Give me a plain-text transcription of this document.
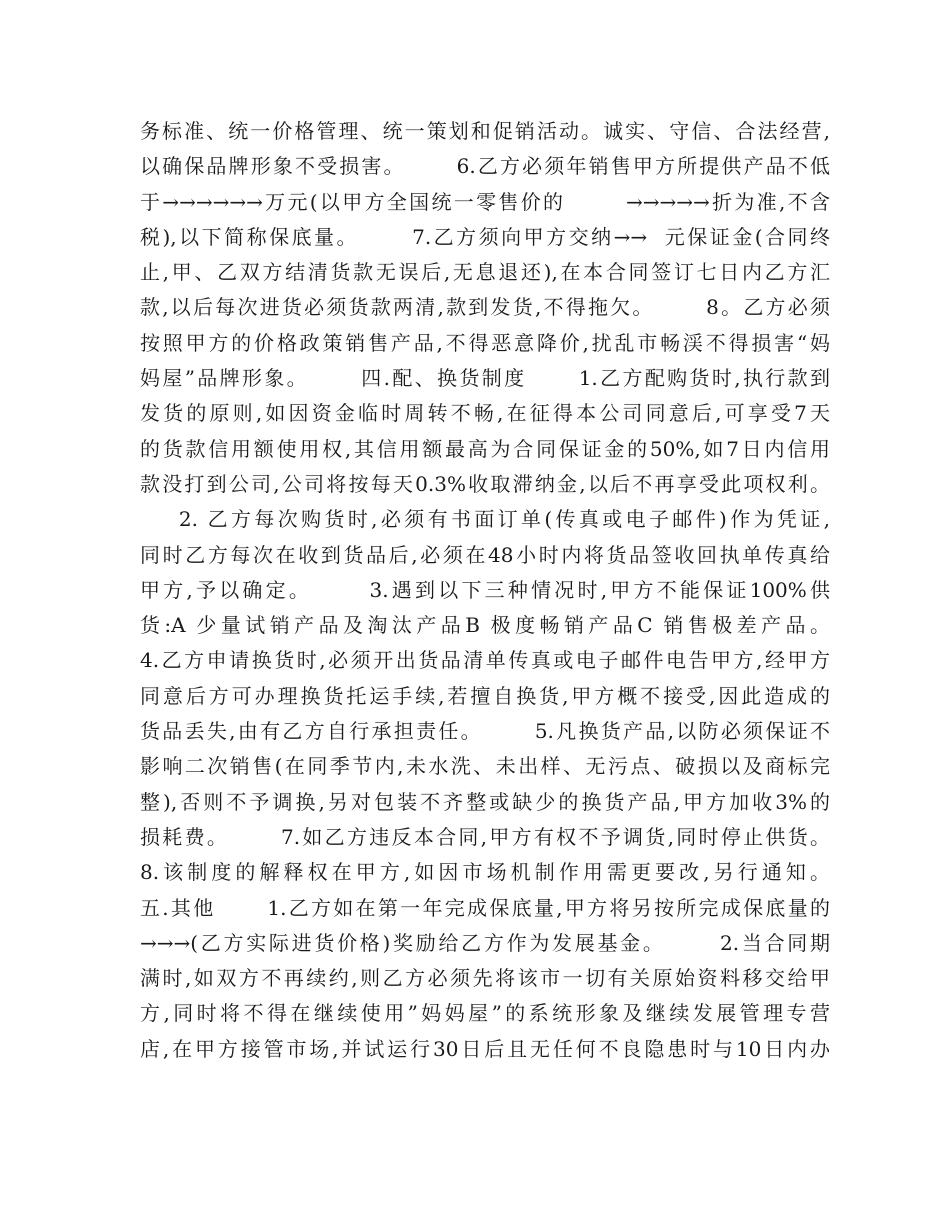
务标准、统一价格管理、统一策划和促销活动。诚实、守信、合法经营,
以确保品牌形象不受损害。      6.乙方必须年销售甲方所提供产品不低
于→→→→→→万元(以甲方全国统一零售价的       →→→→→折为准,不含
税),以下简称保底量。      7.乙方须向甲方交纳→→  元保证金(合同终
止,甲、乙双方结清货款无误后,无息退还),在本合同签订七日内乙方汇
款,以后每次进货必须货款两清,款到发货,不得拖欠。      8。乙方必须
按照甲方的价格政策销售产品,不得恶意降价,扰乱市畅渓不得损害“妈
妈屋”品牌形象。      四.配、换货制度      1.乙方配购货时,执行款到
发货的原则,如因资金临时周转不畅,在征得本公司同意后,可享受7天
的货款信用额使用权,其信用额最高为合同保证金的50%,如7日内信用
款没打到公司,公司将按每天0.3%收取滞纳金,以后不再享受此项权利。
2. 乙方每次购货时,必须有书面订单(传真或电子邮件)作为凭证,
同时乙方每次在收到货品后,必须在48小时内将货品签收回执单传真给
甲方,予以确定。      3.遇到以下三种情况时,甲方不能保证100%供
货:A 少量试销产品及淘汰产品B 极度畅销产品C 销售极差产品。
4.乙方申请换货时,必须开出货品清单传真或电子邮件电告甲方,经甲方
同意后方可办理换货托运手续,若擅自换货,甲方概不接受,因此造成的
货品丢失,由有乙方自行承担责任。      5.凡换货产品,以防必须保证不
影响二次销售(在同季节内,未水洗、未出样、无污点、破损以及商标完
整),否则不予调换,另对包装不齐整或缺少的换货产品,甲方加收3%的
损耗费。      7.如乙方违反本合同,甲方有权不予调货,同时停止供货。
8.该制度的解释权在甲方,如因市场机制作用需更要改,另行通知。
五.其他      1.乙方如在第一年完成保底量,甲方将另按所完成保底量的
→→→(乙方实际进货价格)奖励给乙方作为发展基金。      2.当合同期
满时,如双方不再续约,则乙方必须先将该市一切有关原始资料移交给甲
方,同时将不得在继续使用”妈妈屋”的系统形象及继续发展管理专营
店,在甲方接管市场,并试运行30日后且无任何不良隐患时与10日内办
